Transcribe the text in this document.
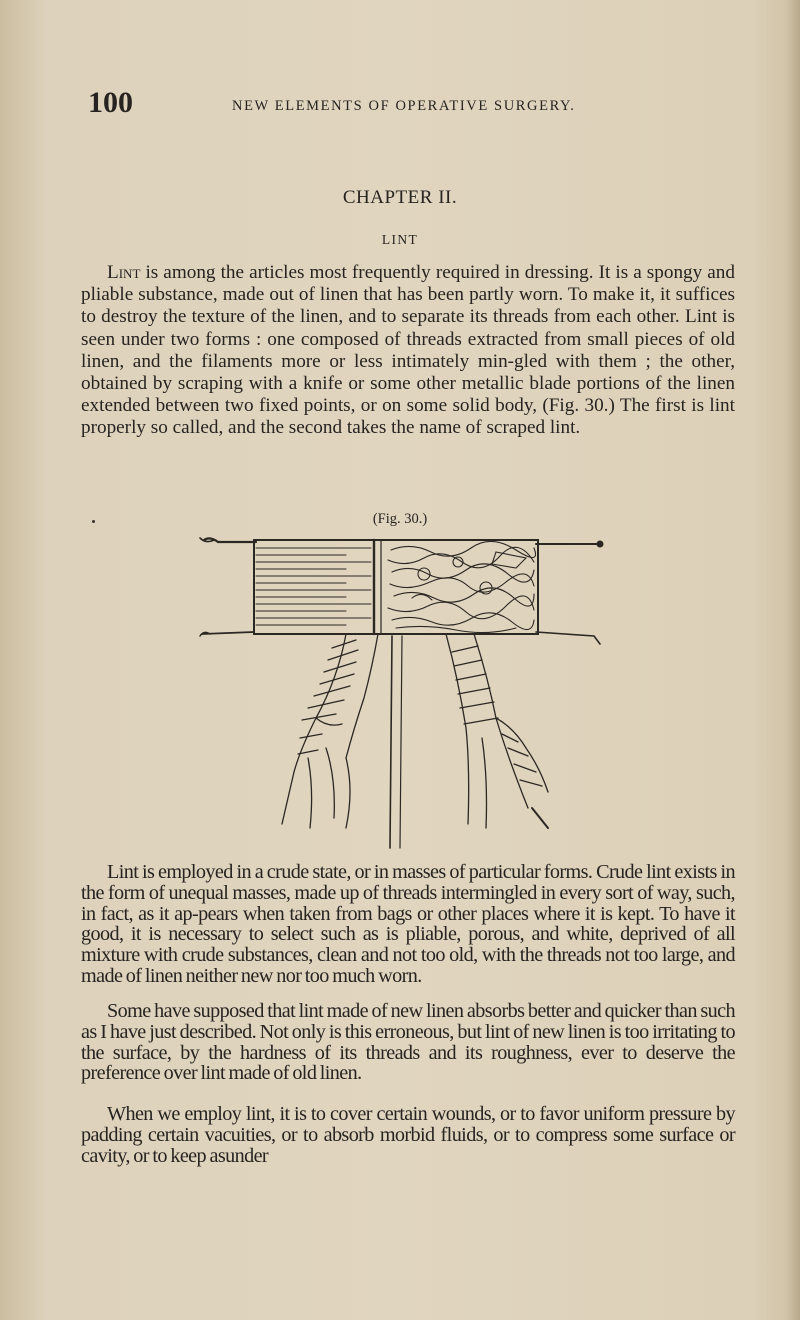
100	NEW ELEMENTS OF OPERATIVE SURGERY.
CHAPTER II.
LINT

Lint is among the articles most frequently required in dressing. It is a spongy and pliable substance, made out of linen that has been partly worn. To make it, it suffices to destroy the texture of the linen, and to separate its threads from each other. Lint is seen under two forms : one composed of threads extracted from small pieces of old linen, and the filaments more or less intimately min-gled with them ; the other, obtained by scraping with a knife or some other metallic blade portions of the linen extended between two fixed points, or on some solid body, (Fig. 30.) The first is lint properly so called, and the second takes the name of scraped lint.

(Fig. 30.)

Lint is employed in a crude state, or in masses of particular forms. Crude lint exists in the form of unequal masses, made up of threads intermingled in every sort of way, such, in fact, as it ap-pears when taken from bags or other places where it is kept. To have it good, it is necessary to select such as is pliable, porous, and white, deprived of all mixture with crude substances, clean and not too old, with the threads not too large, and made of linen neither new nor too much worn.

Some have supposed that lint made of new linen absorbs better and quicker than such as I have just described. Not only is this erroneous, but lint of new linen is too irritating to the surface, by the hardness of its threads and its roughness, ever to deserve the preference over lint made of old linen.

When we employ lint, it is to cover certain wounds, or to favor uniform pressure by padding certain vacuities, or to absorb morbid fluids, or to compress some surface or cavity, or to keep asunder
